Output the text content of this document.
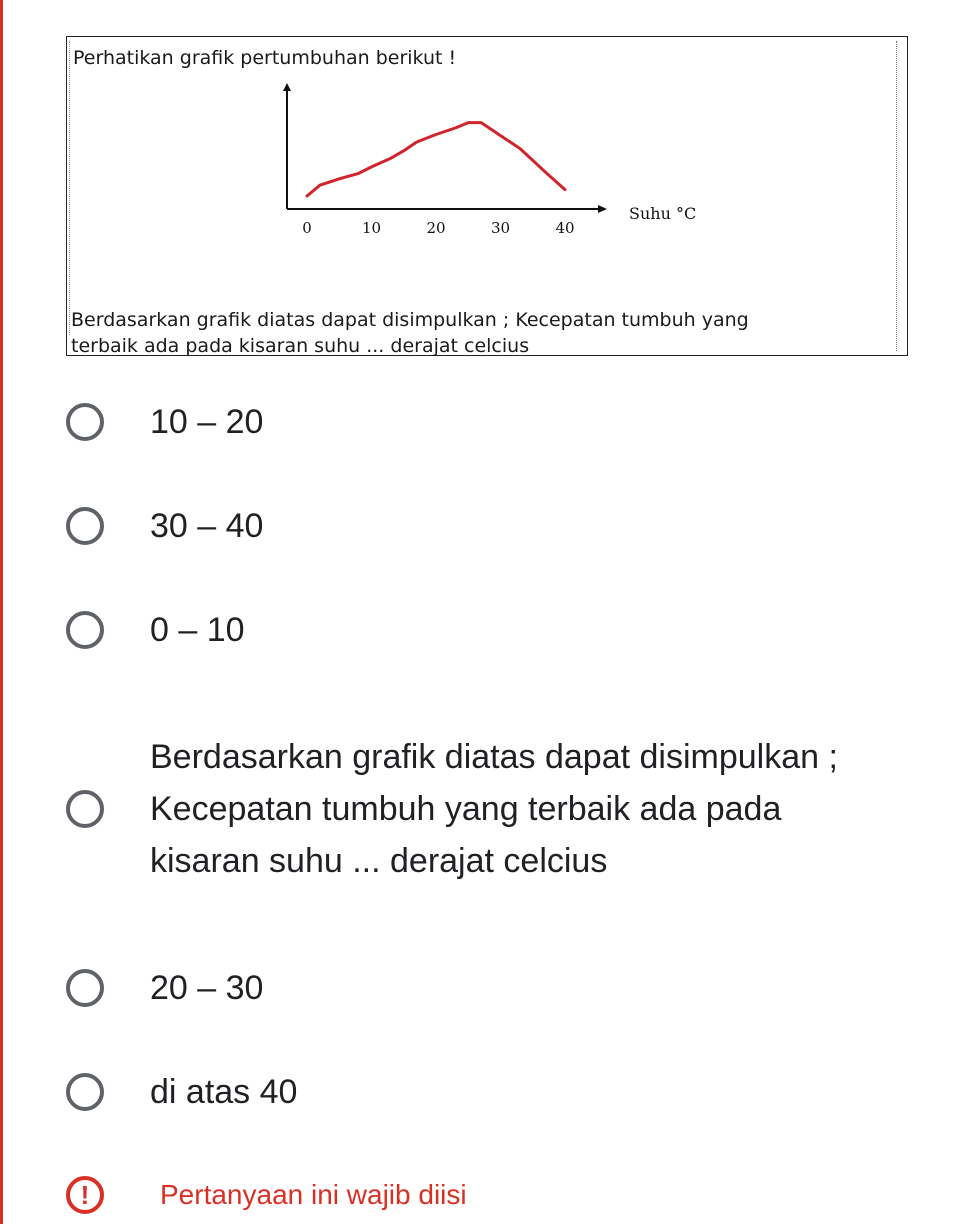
Perhatikan grafik pertumbuhan berikut !
0	10	20	30	40
Suhu °C
Berdasarkan grafik diatas dapat disimpulkan ; Kecepatan tumbuh yang
terbaik ada pada kisaran suhu ... derajat celcius
10 – 20
30 – 40
0 – 10
Berdasarkan grafik diatas dapat disimpulkan ; Kecepatan tumbuh yang terbaik ada pada kisaran suhu ... derajat celcius
20 – 30
di atas 40
!	Pertanyaan ini wajib diisi
